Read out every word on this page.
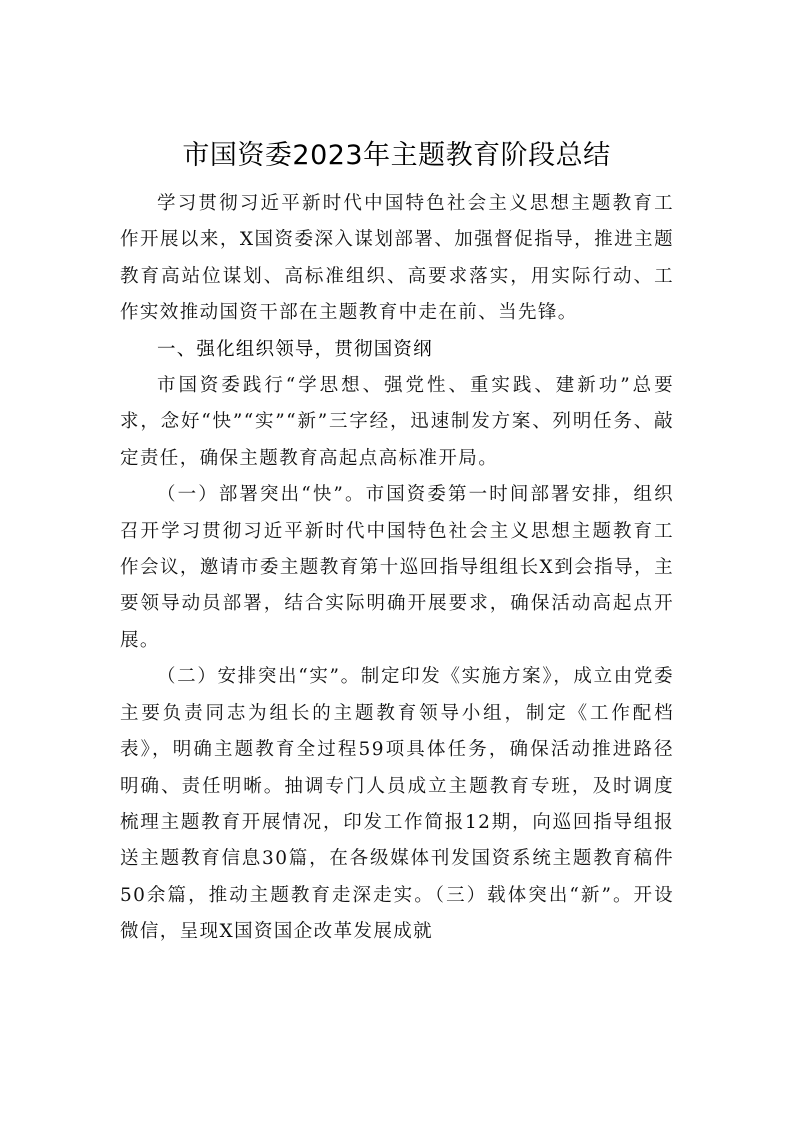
市国资委2023年主题教育阶段总结

学习贯彻习近平新时代中国特色社会主义思想主题教育工作开展以来，X国资委深入谋划部署、加强督促指导，推进主题教育高站位谋划、高标准组织、高要求落实，用实际行动、工作实效推动国资干部在主题教育中走在前、当先锋。

一、强化组织领导，贯彻国资纲

市国资委践行“学思想、强党性、重实践、建新功”总要求，念好“快”“实”“新”三字经，迅速制发方案、列明任务、敲定责任，确保主题教育高起点高标准开局。

（一）部署突出“快”。市国资委第一时间部署安排，组织召开学习贯彻习近平新时代中国特色社会主义思想主题教育工作会议，邀请市委主题教育第十巡回指导组组长X到会指导，主要领导动员部署，结合实际明确开展要求，确保活动高起点开展。

（二）安排突出“实”。制定印发《实施方案》，成立由党委主要负责同志为组长的主题教育领导小组，制定《工作配档表》，明确主题教育全过程59项具体任务，确保活动推进路径明确、责任明晰。抽调专门人员成立主题教育专班，及时调度梳理主题教育开展情况，印发工作简报12期，向巡回指导组报送主题教育信息30篇，在各级媒体刊发国资系统主题教育稿件50余篇，推动主题教育走深走实。（三）载体突出“新”。开设微信，呈现X国资国企改革发展成就
